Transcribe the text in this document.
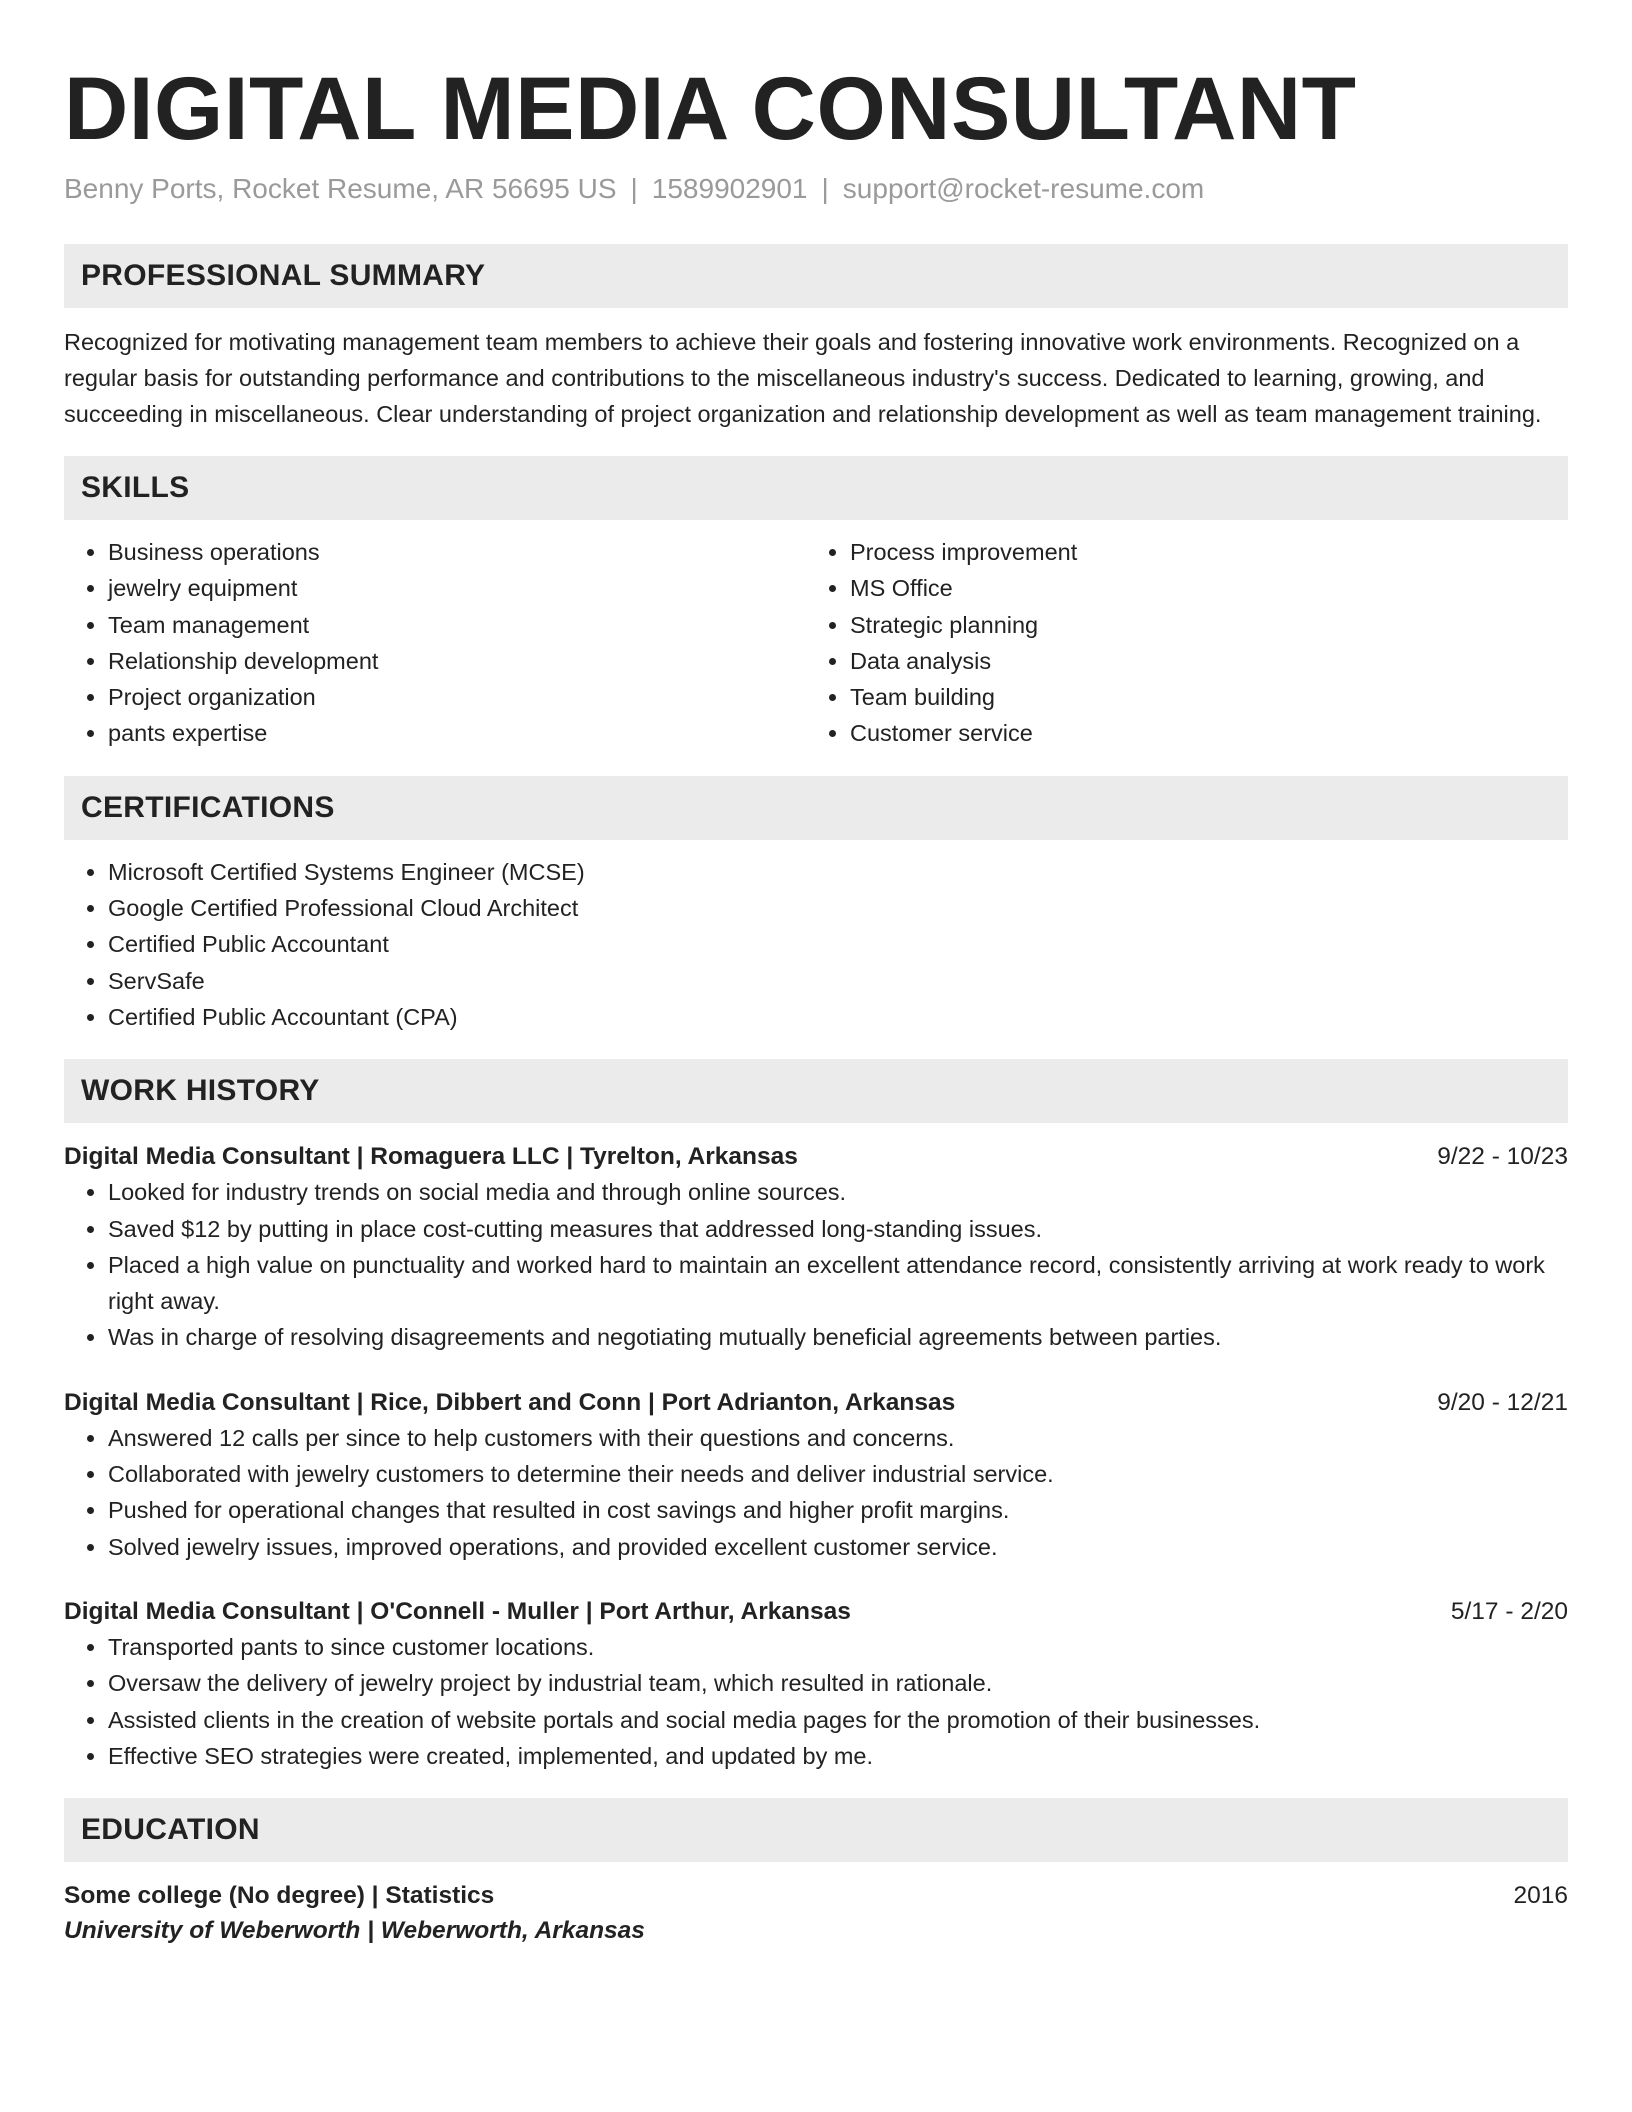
DIGITAL MEDIA CONSULTANT
Benny Ports, Rocket Resume, AR 56695 US | 1589902901 | support@rocket-resume.com
PROFESSIONAL SUMMARY

Recognized for motivating management team members to achieve their goals and fostering innovative work environments. Recognized on a regular basis for outstanding performance and contributions to the miscellaneous industry's success. Dedicated to learning, growing, and succeeding in miscellaneous. Clear understanding of project organization and relationship development as well as team management training.

SKILLS
• Business operations
• jewelry equipment
• Team management
• Relationship development
• Project organization
• pants expertise
• Process improvement
• MS Office
• Strategic planning
• Data analysis
• Team building
• Customer service
CERTIFICATIONS
• Microsoft Certified Systems Engineer (MCSE)
• Google Certified Professional Cloud Architect
• Certified Public Accountant
• ServSafe
• Certified Public Accountant (CPA)
WORK HISTORY
Digital Media Consultant | Romaguera LLC | Tyrelton, Arkansas	9/22 - 10/23
• Looked for industry trends on social media and through online sources.
• Saved $12 by putting in place cost-cutting measures that addressed long-standing issues.
• Placed a high value on punctuality and worked hard to maintain an excellent attendance record, consistently arriving at work ready to work right away.
• Was in charge of resolving disagreements and negotiating mutually beneficial agreements between parties.
Digital Media Consultant | Rice, Dibbert and Conn | Port Adrianton, Arkansas	9/20 - 12/21
• Answered 12 calls per since to help customers with their questions and concerns.
• Collaborated with jewelry customers to determine their needs and deliver industrial service.
• Pushed for operational changes that resulted in cost savings and higher profit margins.
• Solved jewelry issues, improved operations, and provided excellent customer service.
Digital Media Consultant | O'Connell - Muller | Port Arthur, Arkansas	5/17 - 2/20
• Transported pants to since customer locations.
• Oversaw the delivery of jewelry project by industrial team, which resulted in rationale.
• Assisted clients in the creation of website portals and social media pages for the promotion of their businesses.
• Effective SEO strategies were created, implemented, and updated by me.
EDUCATION
Some college (No degree) | Statistics	2016
University of Weberworth | Weberworth, Arkansas
